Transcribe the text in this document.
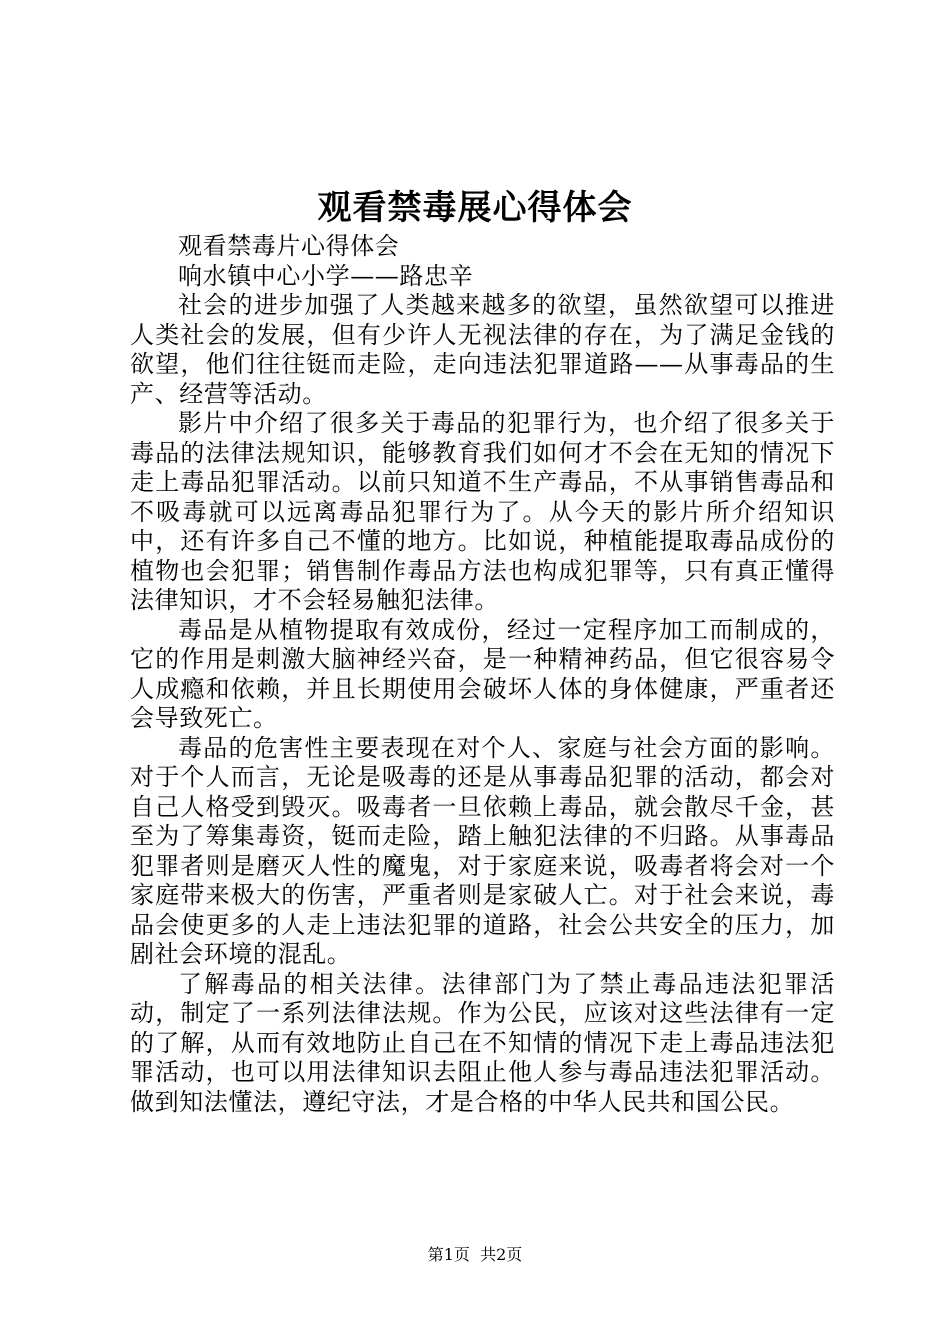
观看禁毒展心得体会

观看禁毒片心得体会

响水镇中心小学——路忠辛

社会的进步加强了人类越来越多的欲望，虽然欲望可以推进人类社会的发展，但有少许人无视法律的存在，为了满足金钱的欲望，他们往往铤而走险，走向违法犯罪道路——从事毒品的生产、经营等活动。

影片中介绍了很多关于毒品的犯罪行为，也介绍了很多关于毒品的法律法规知识，能够教育我们如何才不会在无知的情况下走上毒品犯罪活动。以前只知道不生产毒品，不从事销售毒品和不吸毒就可以远离毒品犯罪行为了。从今天的影片所介绍知识中，还有许多自己不懂的地方。比如说，种植能提取毒品成份的植物也会犯罪；销售制作毒品方法也构成犯罪等，只有真正懂得法律知识，才不会轻易触犯法律。

毒品是从植物提取有效成份，经过一定程序加工而制成的，它的作用是刺激大脑神经兴奋，是一种精神药品，但它很容易令人成瘾和依赖，并且长期使用会破坏人体的身体健康，严重者还会导致死亡。

毒品的危害性主要表现在对个人、家庭与社会方面的影响。对于个人而言，无论是吸毒的还是从事毒品犯罪的活动，都会对自己人格受到毁灭。吸毒者一旦依赖上毒品，就会散尽千金，甚至为了筹集毒资，铤而走险，踏上触犯法律的不归路。从事毒品犯罪者则是磨灭人性的魔鬼，对于家庭来说，吸毒者将会对一个家庭带来极大的伤害，严重者则是家破人亡。对于社会来说，毒品会使更多的人走上违法犯罪的道路，社会公共安全的压力，加剧社会环境的混乱。

了解毒品的相关法律。法律部门为了禁止毒品违法犯罪活动，制定了一系列法律法规。作为公民，应该对这些法律有一定的了解，从而有效地防止自己在不知情的情况下走上毒品违法犯罪活动，也可以用法律知识去阻止他人参与毒品违法犯罪活动。做到知法懂法，遵纪守法，才是合格的中华人民共和国公民。

第1页 共2页
